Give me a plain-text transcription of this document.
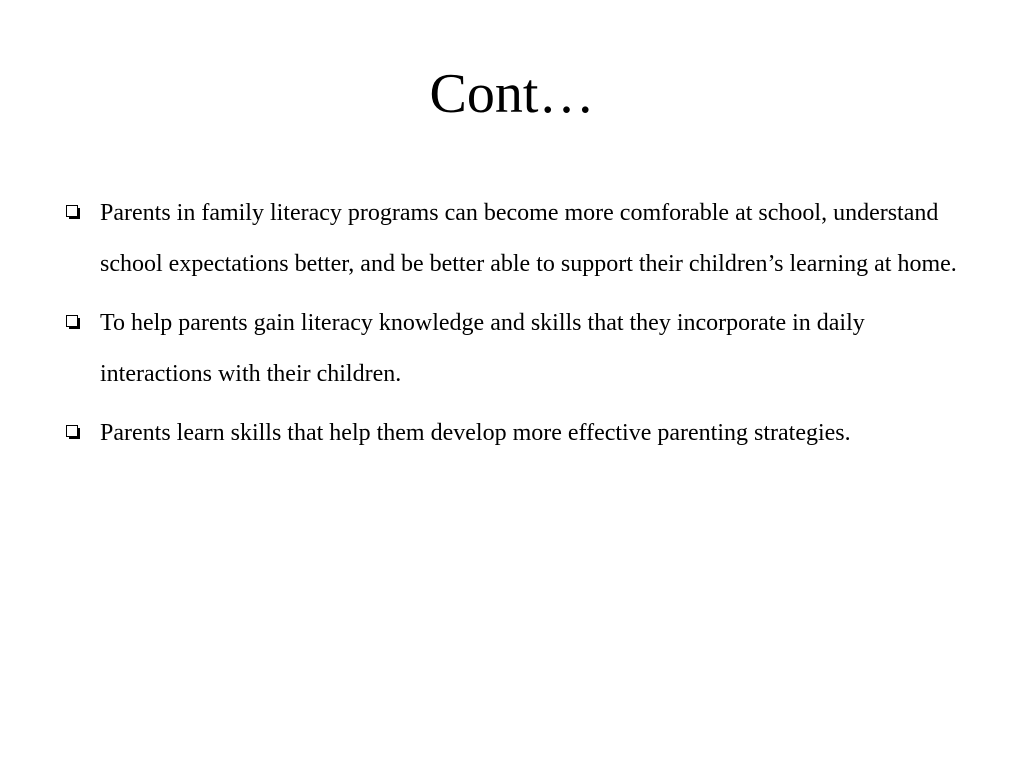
Cont…
Parents in family literacy programs can become more comforable at school, understand school expectations better, and be better able to support their children’s learning at home.
To help parents gain literacy knowledge and skills that they incorporate in daily interactions with their children.
Parents learn skills that help them develop more effective parenting strategies.
